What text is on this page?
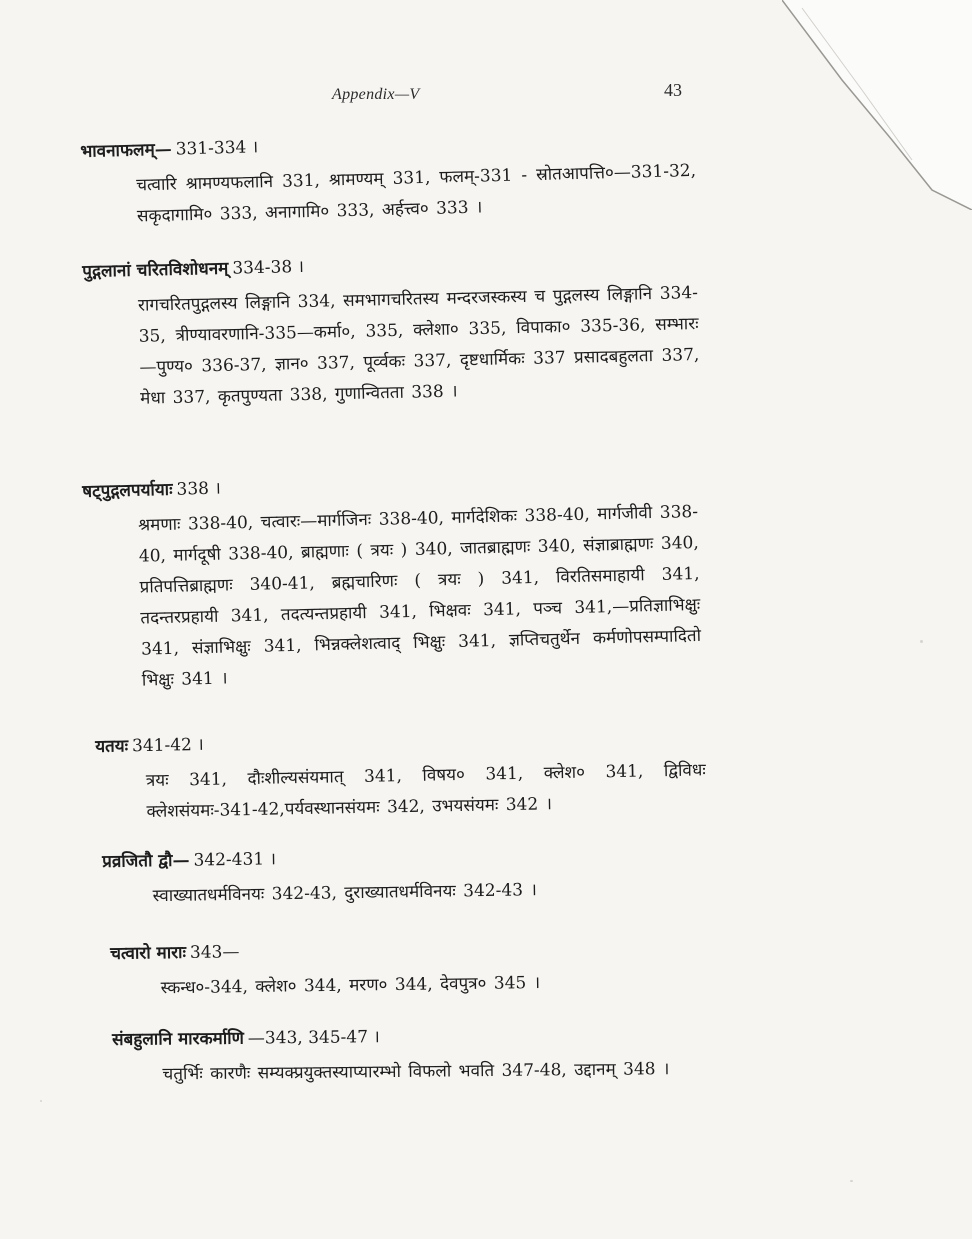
Appendix—V	43
भावनाफलम्— 331-334 ।
चत्वारि श्रामण्यफलानि 331, श्रामण्यम् 331, फलम्-331 - स्रोतआपत्ति०—331-32, सकृदागामि० 333, अनागामि० 333, अर्हत्त्व० 333 ।
पुद्गलानां चरितविशोधनम् 334-38 ।
रागचरितपुद्गलस्य लिङ्गानि 334, समभागचरितस्य मन्दरजस्कस्य च पुद्गलस्य लिङ्गानि 334-35, त्रीण्यावरणानि-335—कर्मा०, 335, क्लेशा० 335, विपाका० 335-36, सम्भारः—पुण्य० 336-37, ज्ञान० 337, पूर्व्वकः 337, दृष्टधार्मिकः 337 प्रसादबहुलता 337, मेधा 337, कृतपुण्यता 338, गुणान्वितता 338 ।
षट्पुद्गलपर्यायाः 338 ।
श्रमणाः 338-40, चत्वारः—मार्गजिनः 338-40, मार्गदेशिकः 338-40, मार्गजीवी 338-40, मार्गदूषी 338-40, ब्राह्मणाः ( त्रयः ) 340, जातब्राह्मणः 340, संज्ञाब्राह्मणः 340, प्रतिपत्तिब्राह्मणः 340-41, ब्रह्मचारिणः ( त्रयः ) 341, विरतिसमाहायी 341, तदन्तरप्रहायी 341, तदत्यन्तप्रहायी 341, भिक्षवः 341, पञ्च 341,—प्रतिज्ञाभिक्षुः 341, संज्ञाभिक्षुः 341, भिन्नक्लेशत्वाद् भिक्षुः 341, ज्ञप्तिचतुर्थेन कर्मणोपसम्पादितो भिक्षुः 341 ।
यतयः 341-42 ।
त्रयः 341, दौःशील्यसंयमात् 341, विषय० 341, क्लेश० 341, द्विविधः क्लेशसंयमः-341-42,पर्यवस्थानसंयमः 342, उभयसंयमः 342 ।
प्रव्रजितौ द्वौ— 342-431 ।
स्वाख्यातधर्मविनयः 342-43, दुराख्यातधर्मविनयः 342-43 ।
चत्वारो माराः 343—
स्कन्ध०-344, क्लेश० 344, मरण० 344, देवपुत्र० 345 ।
संबहुलानि मारकर्माणि —343, 345-47 ।
चतुर्भिः कारणैः सम्यक्प्रयुक्तस्याप्यारम्भो विफलो भवति 347-48, उद्दानम् 348 ।
